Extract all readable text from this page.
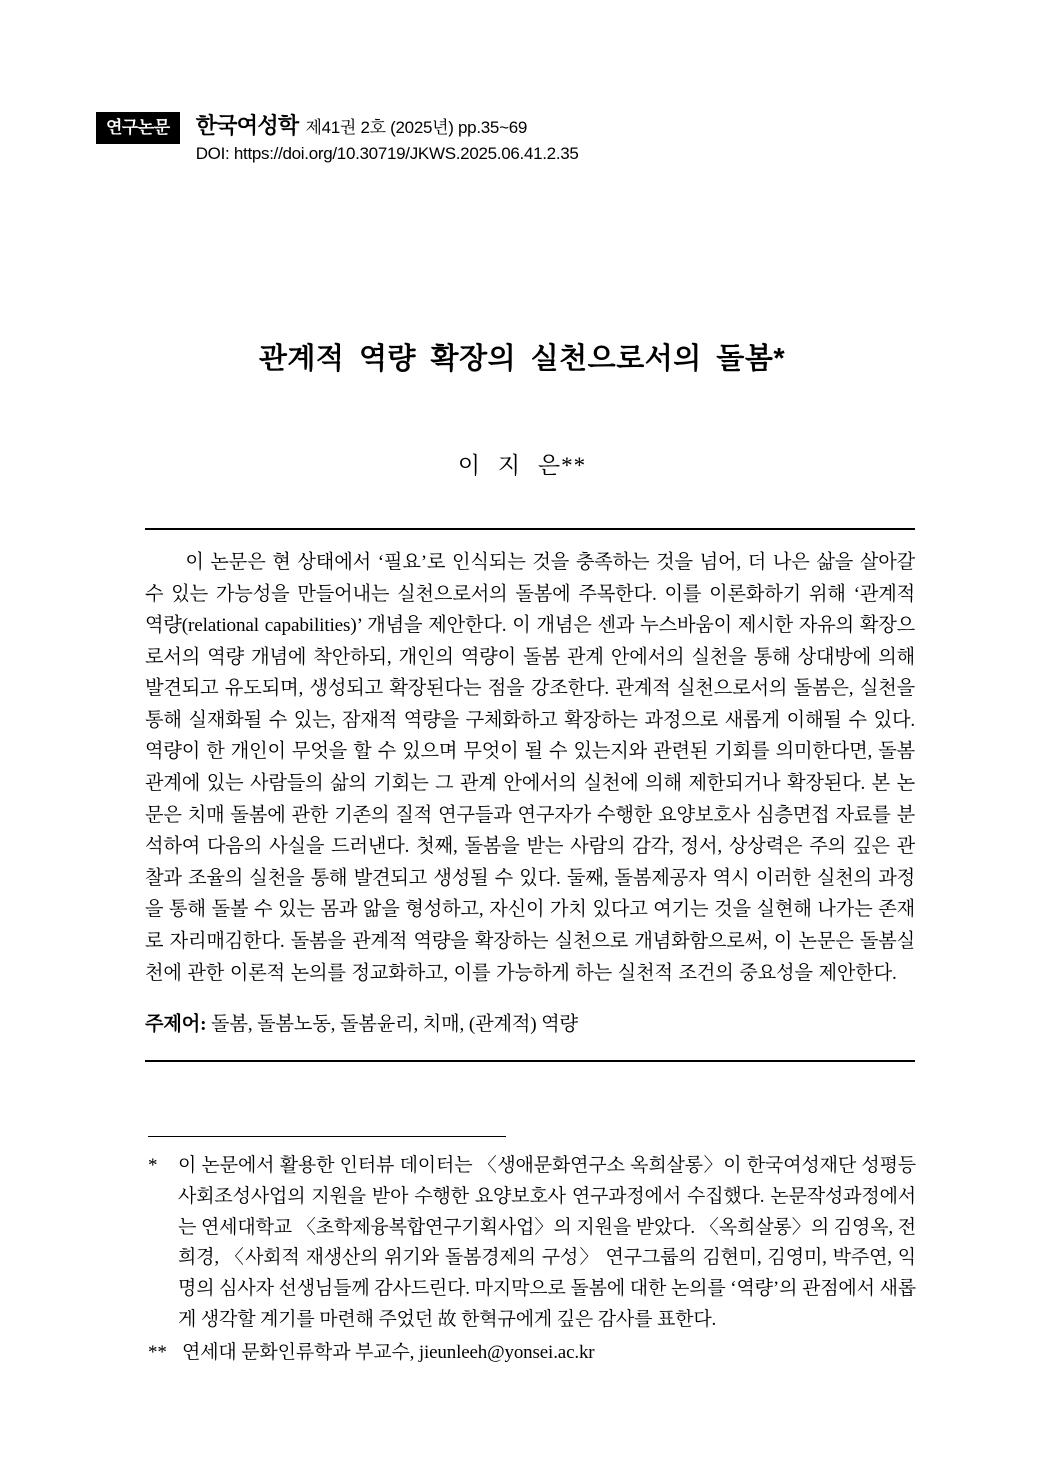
연구논문	한국여성학 제41권 2호 (2025년) pp.35~69
DOI: https://doi.org/10.30719/JKWS.2025.06.41.2.35
관계적 역량 확장의 실천으로서의 돌봄*
이 지 은**

이 논문은 현 상태에서 ‘필요’로 인식되는 것을 충족하는 것을 넘어, 더 나은 삶을 살아갈 수 있는 가능성을 만들어내는 실천으로서의 돌봄에 주목한다. 이를 이론화하기 위해 ‘관계적 역량(relational capabilities)’ 개념을 제안한다. 이 개념은 센과 누스바움이 제시한 자유의 확장으로서의 역량 개념에 착안하되, 개인의 역량이 돌봄 관계 안에서의 실천을 통해 상대방에 의해 발견되고 유도되며, 생성되고 확장된다는 점을 강조한다. 관계적 실천으로서의 돌봄은, 실천을 통해 실재화될 수 있는, 잠재적 역량을 구체화하고 확장하는 과정으로 새롭게 이해될 수 있다. 역량이 한 개인이 무엇을 할 수 있으며 무엇이 될 수 있는지와 관련된 기회를 의미한다면, 돌봄 관계에 있는 사람들의 삶의 기회는 그 관계 안에서의 실천에 의해 제한되거나 확장된다. 본 논문은 치매 돌봄에 관한 기존의 질적 연구들과 연구자가 수행한 요양보호사 심층면접 자료를 분석하여 다음의 사실을 드러낸다. 첫째, 돌봄을 받는 사람의 감각, 정서, 상상력은 주의 깊은 관찰과 조율의 실천을 통해 발견되고 생성될 수 있다. 둘째, 돌봄제공자 역시 이러한 실천의 과정을 통해 돌볼 수 있는 몸과 앎을 형성하고, 자신이 가치 있다고 여기는 것을 실현해 나가는 존재로 자리매김한다. 돌봄을 관계적 역량을 확장하는 실천으로 개념화함으로써, 이 논문은 돌봄실천에 관한 이론적 논의를 정교화하고, 이를 가능하게 하는 실천적 조건의 중요성을 제안한다.

주제어: 돌봄, 돌봄노동, 돌봄윤리, 치매, (관계적) 역량

*	이 논문에서 활용한 인터뷰 데이터는 〈생애문화연구소 옥희살롱〉이 한국여성재단 성평등사회조성사업의 지원을 받아 수행한 요양보호사 연구과정에서 수집했다. 논문작성과정에서는 연세대학교 〈초학제융복합연구기획사업〉의 지원을 받았다. 〈옥희살롱〉의 김영옥, 전희경, 〈사회적 재생산의 위기와 돌봄경제의 구성〉 연구그룹의 김현미, 김영미, 박주연, 익명의 심사자 선생님들께 감사드린다. 마지막으로 돌봄에 대한 논의를 ‘역량’의 관점에서 새롭게 생각할 계기를 마련해 주었던 故 한혁규에게 깊은 감사를 표한다.
** 연세대 문화인류학과 부교수, jieunleeh@yonsei.ac.kr
